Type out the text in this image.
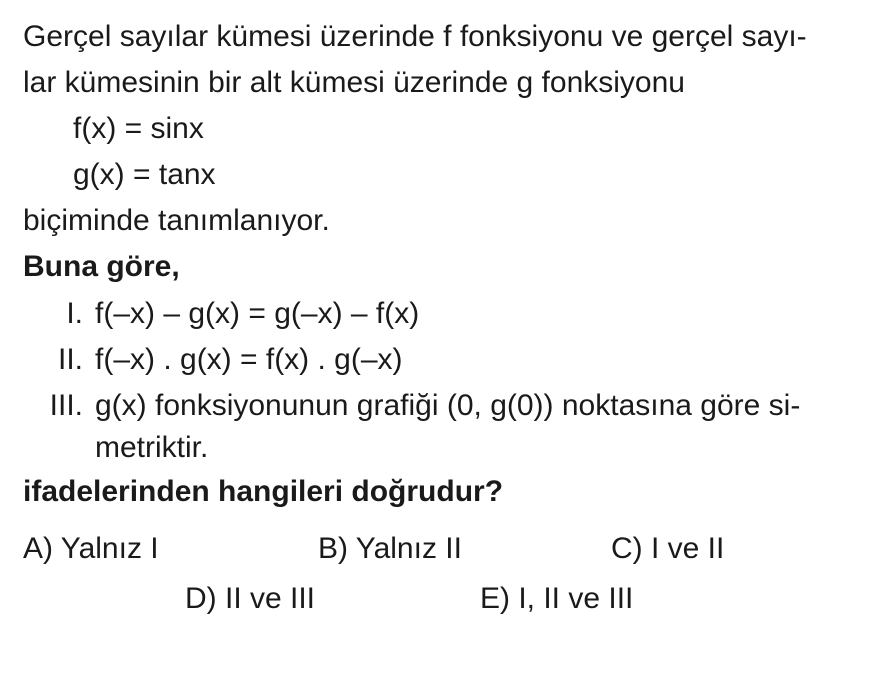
Gerçel sayılar kümesi üzerinde f fonksiyonu ve gerçel sayı-
lar kümesinin bir alt kümesi üzerinde g fonksiyonu

f(x) = sinx
g(x) = tanx
biçiminde tanımlanıyor.
Buna göre,
I. f(–x) – g(x) = g(–x) – f(x)
II. f(–x) . g(x) = f(x) . g(–x)
III. g(x) fonksiyonunun grafiği (0, g(0)) noktasına göre si-
metriktir.
ifadelerinden hangileri doğrudur?
A) Yalnız I	B) Yalnız II	C) I ve II
D) II ve III	E) I, II ve III
